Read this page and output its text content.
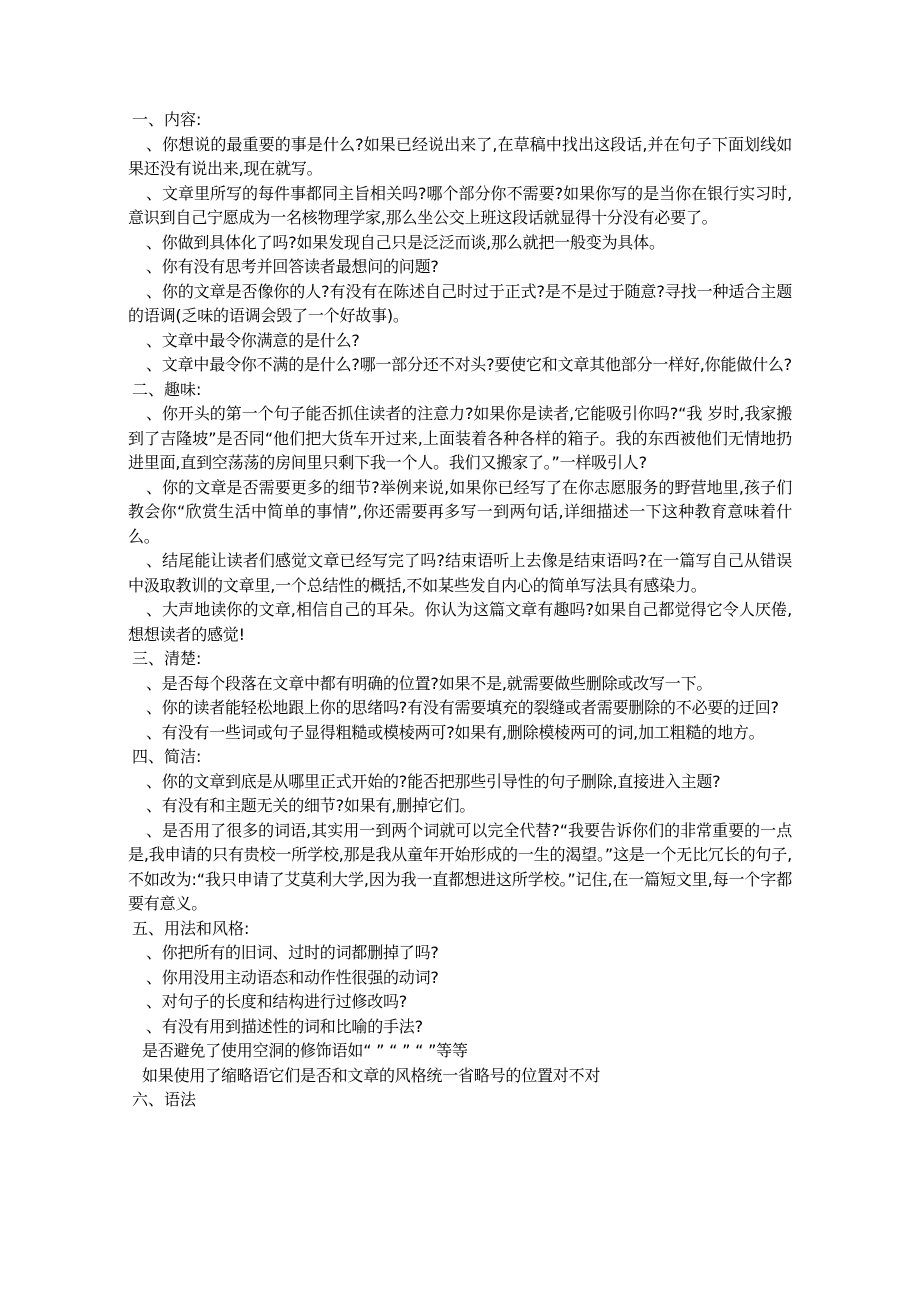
一、内容:

、你想说的最重要的事是什么?如果已经说出来了,在草稿中找出这段话,并在句子下面划线如果还没有说出来,现在就写。

、文章里所写的每件事都同主旨相关吗?哪个部分你不需要?如果你写的是当你在银行实习时,意识到自己宁愿成为一名核物理学家,那么坐公交上班这段话就显得十分没有必要了。

、你做到具体化了吗?如果发现自己只是泛泛而谈,那么就把一般变为具体。

、你有没有思考并回答读者最想问的问题?

、你的文章是否像你的人?有没有在陈述自己时过于正式?是不是过于随意?寻找一种适合主题的语调(乏味的语调会毁了一个好故事)。

、文章中最令你满意的是什么?

、文章中最令你不满的是什么?哪一部分还不对头?要使它和文章其他部分一样好,你能做什么?

二、趣味:

、你开头的第一个句子能否抓住读者的注意力?如果你是读者,它能吸引你吗?“我 岁时,我家搬到了吉隆坡”是否同“他们把大货车开过来,上面装着各种各样的箱子。我的东西被他们无情地扔进里面,直到空荡荡的房间里只剩下我一个人。我们又搬家了。”一样吸引人?

、你的文章是否需要更多的细节?举例来说,如果你已经写了在你志愿服务的野营地里,孩子们教会你“欣赏生活中简单的事情”,你还需要再多写一到两句话,详细描述一下这种教育意味着什么。

、结尾能让读者们感觉文章已经写完了吗?结束语听上去像是结束语吗?在一篇写自己从错误中汲取教训的文章里,一个总结性的概括,不如某些发自内心的简单写法具有感染力。

、大声地读你的文章,相信自己的耳朵。你认为这篇文章有趣吗?如果自己都觉得它令人厌倦,想想读者的感觉!

三、清楚:

、是否每个段落在文章中都有明确的位置?如果不是,就需要做些删除或改写一下。

、你的读者能轻松地跟上你的思绪吗?有没有需要填充的裂缝或者需要删除的不必要的迂回?

、有没有一些词或句子显得粗糙或模棱两可?如果有,删除模棱两可的词,加工粗糙的地方。

四、简洁:

、你的文章到底是从哪里正式开始的?能否把那些引导性的句子删除,直接进入主题?

、有没有和主题无关的细节?如果有,删掉它们。

、是否用了很多的词语,其实用一到两个词就可以完全代替?“我要告诉你们的非常重要的一点是,我申请的只有贵校一所学校,那是我从童年开始形成的一生的渴望。”这是一个无比冗长的句子,不如改为:“我只申请了艾莫利大学,因为我一直都想进这所学校。”记住,在一篇短文里,每一个字都要有意义。

五、用法和风格:

、你把所有的旧词、过时的词都删掉了吗?

、你用没用主动语态和动作性很强的动词?

、对句子的长度和结构进行过修改吗?

、有没有用到描述性的词和比喻的手法?

是否避免了使用空洞的修饰语如“ ” “ ” “ ”等等

如果使用了缩略语它们是否和文章的风格统一省略号的位置对不对

六、语法
